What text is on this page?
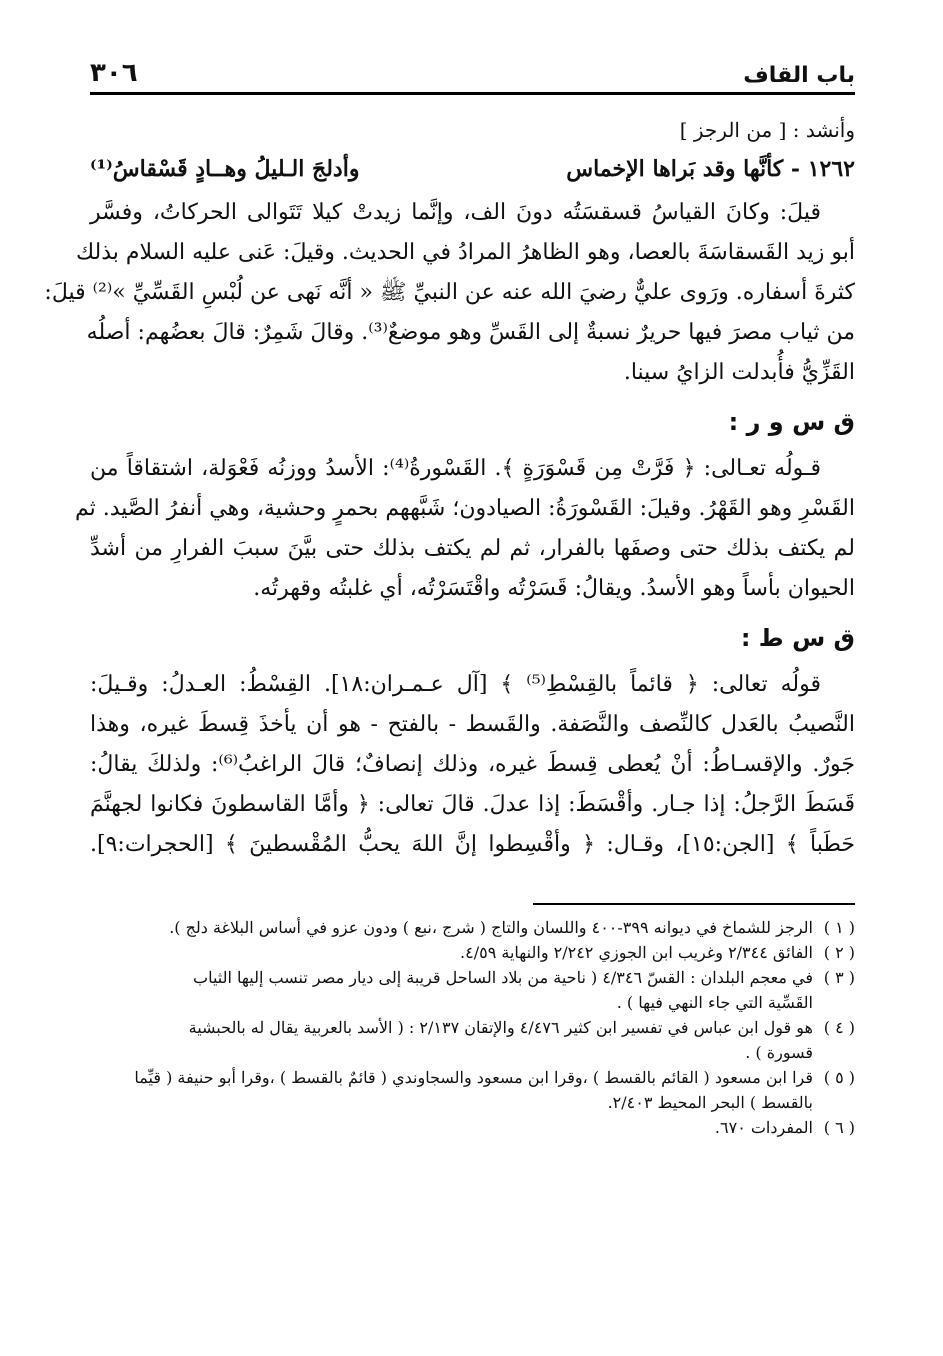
باب القاف
٣٠٦
وأنشد : [ من الرجز ]
١٢٦٢ - كأنَّها وقد بَراها الإخماس
وأدلجَ الـليلُ وهــادٍ قَسْقاسُ⁽¹⁾
قيلَ: وكانَ القياسُ قسقسَتُه دونَ الف، وإنَّما زيدتْ كيلا تَتَوالى الحركاتُ، وفسَّر
أبو زيد القَسقاسَةَ بالعصا، وهو الظاهرُ المرادُ في الحديث. وقيلَ: عَنى عليه السلام بذلك
كثرةَ أسفاره. ورَوى عليٌّ رضيَ الله عنه عن النبيِّ ﷺ « أنَّه نَهى عن لُبْسِ القَسِّيِّ »⁽²⁾ قيلَ:
من ثياب مصرَ فيها حريرٌ نسبةٌ إلى القَسِّ وهو موضعٌ⁽³⁾. وقالَ شَمِرٌ: قالَ بعضُهم: أصلُه
القَزِّيُّ فأُبدلت الزايُ سينا.
ق س و ر :
قـولُه تعـالى: ﴿ فَرَّتْ مِن قَسْوَرَةٍ ﴾. القَسْورةُ⁽⁴⁾: الأسدُ ووزنُه فَعْوَلة، اشتقاقاً من
القَسْرِ وهو القَهْرُ. وقيلَ: القَسْورَةُ: الصيادون؛ شَبَّههم بحمرٍ وحشية، وهي أنفرُ الصَّيد. ثم
لم يكتف بذلك حتى وصفَها بالفرار، ثم لم يكتف بذلك حتى بيَّنَ سببَ الفرارِ من أشدِّ
الحيوان بأساً وهو الأسدُ. ويقالُ: قَسَرْتُه واقْتَسَرْتُه، أي غلبتُه وقهرتُه.
ق س ط :
قولُه تعالى: ﴿ قائماً بالقِسْطِ⁽⁵⁾ ﴾ [آل عـمـران:١٨]. القِسْطُ: العـدلُ: وقـيلَ:
النَّصيبُ بالعَدل كالنِّصف والنَّصَفة. والقَسط - بالفتح - هو أن يأخذَ قِسطَ غيره، وهذا
جَورٌ. والإقسـاطُ: أنْ يُعطى قِسطَ غيره، وذلك إنصافٌ؛ قالَ الراغبُ⁽⁶⁾: ولذلكَ يقالُ:
قَسَطَ الرَّجلُ: إذا جـار. وأقْسَطَ: إذا عدلَ. قالَ تعالى: ﴿ وأمَّا القاسطونَ فكانوا لجهنَّمَ
حَطَباً ﴾ [الجن:١٥]، وقـال: ﴿ وأقْسِطوا إنَّ اللهَ يحبُّ المُقْسطينَ ﴾ [الحجرات:٩].
( ١ )
الرجز للشماخ في ديوانه ٣٩٩-٤٠٠ واللسان والتاج ( شرج ،نبع ) ودون عزو في أساس البلاغة دلج ).
( ٢ )
الفائق ٢/٣٤٤ وغريب ابن الجوزي ٢/٢٤٢ والنهاية ٤/٥٩.
( ٣ )
في معجم البلدان : القسّ ٤/٣٤٦ ( ناحية من بلاد الساحل قريبة إلى ديار مصر تنسب إليها الثياب
القَسِّية التي جاء النهي فيها ) .
( ٤ )
هو قول ابن عباس في تفسير ابن كثير ٤/٤٧٦ والإتقان ٢/١٣٧ : ( الأسد بالعربية يقال له بالحبشية
قسورة ) .
( ٥ )
قرا ابن مسعود ( القائم بالقسط ) ،وقرا ابن مسعود والسجاوندي ( قائمٌ بالقسط ) ،وقرا أبو حنيفة ( قيِّما
بالقسط ) البحر المحيط ٢/٤٠٣.
( ٦ )
المفردات ٦٧٠.
